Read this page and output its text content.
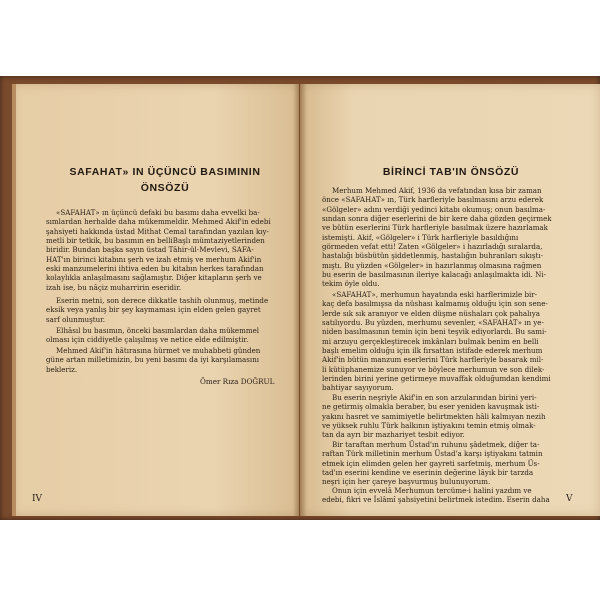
SAFAHAT» IN ÜÇÜNCÜ BASIMININ
ÖNSÖZÜ
«SAFAHAT» ın üçüncü defaki bu basımı daha evvelki ba-
sımlardan herhalde daha mükemmeldir. Mehmed Akif'in edebi
şahsiyeti hakkında üstad Mithat Cemal tarafından yazılan kıy-
metli bir tetkik, bu basımın en belliBaşlı mümtaziyetlerinden
biridir. Bundan başka sayın üstad Tâhir-ül-Mevlevi, SAFA-
HAT'ın birinci kitabını şerh ve izah etmiş ve merhum Akif'in
eski manzumelerini ihtiva eden bu kitabın herkes tarafından
kolaylıkla anlaşılmasını sağlamıştır. Diğer kitapların şerh ve
izah ise, bu nâçiz muharririn eseridir.
Eserin metni, son derece dikkatle tashih olunmuş, metinde
eksik veya yanlış bir şey kaymaması için elden gelen gayret
sarf olunmuştur.
Elhâsıl bu basımın, önceki basımlardan daha mükemmel
olması için ciddiyetle çalışılmış ve netice elde edilmiştir.
Mehmed Akif'in hâtırasına hürmet ve muhabbeti günden
güne artan milletimizin, bu yeni basımı da iyi karşılamasını
bekleriz.
Ömer Rıza DOĞRUL
IV
BİRİNCİ TAB'IN ÖNSÖZÜ
Merhum Mehmed Akif, 1936 da vefatından kısa bir zaman
önce «SAFAHAT» ın, Türk harfleriyle basılmasını arzu ederek
«Gölgeler» adını verdiği yedinci kitabı okumuş; onun basılma-
sından sonra diğer eserlerini de bir kere daha gözden geçirmek
ve bütün eserlerini Türk harfleriyle basılmak üzere hazırlamak
istemişti. Akif, «Gölgeler» i Türk harfleriyle basıldığını
görmeden vefat etti! Zaten «Gölgeler» i hazırladığı sıralarda,
hastalığı büsbütün şiddetlenmiş, hastalığın buhranları sıkıştı-
mıştı. Bu yüzden «Gölgeler» in hazırlanmış olmasına rağmen
bu eserin de basılmasının ileriye kalacağı anlaşılmakta idi. Ni-
tekim öyle oldu.
«SAFAHAT», merhumun hayatında eski harflerimizle bir-
kaç defa basılmışsa da nüshası kalmamış olduğu için son sene-
lerde sık sık aranıyor ve elden düşme nüshaları çok pahalıya
satılıyordu. Bu yüzden, merhumu sevenler, «SAFAHAT» ın ye-
niden basılmasının temin için beni teşvik ediyorlardı. Bu sami-
mi arzuyu gerçekleştirecek imkânları bulmak benim en belli
başlı emelim olduğu için ilk fırsattan istifade ederek merhum
Akif'in bütün manzum eserlerini Türk harfleriyle basarak mil-
li kütüphanemize sunuyor ve böylece merhumun ve son dilek-
lerinden birini yerine getirmeye muvaffak olduğumdan kendimi
bahtiyar sayıyorum.
Bu eserin neşriyle Akif'in en son arzularından birini yeri-
ne getirmiş olmakla beraber, bu eser yeniden kavuşmak isti-
yakını hasret ve samimiyetle belirtmekten hâli kalmıyan nezih
ve yüksek ruhlu Türk halkının iştiyakını temin etmiş olmak-
tan da ayrı bir mazhariyet tesbit ediyor.
Bir taraftan merhum Üstad'ın ruhunu şâdetmek, diğer ta-
raftan Türk milletinin merhum Üstad'a karşı iştiyakını tatmin
etmek için elimden gelen her gayreti sarfetmiş, merhum Üs-
tad'ın eserini kendine ve eserinin değerine lâyık bir tarzda
neşri için her çareye başvurmuş bulunuyorum.
Onun için evvelâ Merhumun tercüme-i halini yazdım ve
edebi, fikri ve İslâmî şahsiyetini belirtmek istedim. Eserin daha	V
